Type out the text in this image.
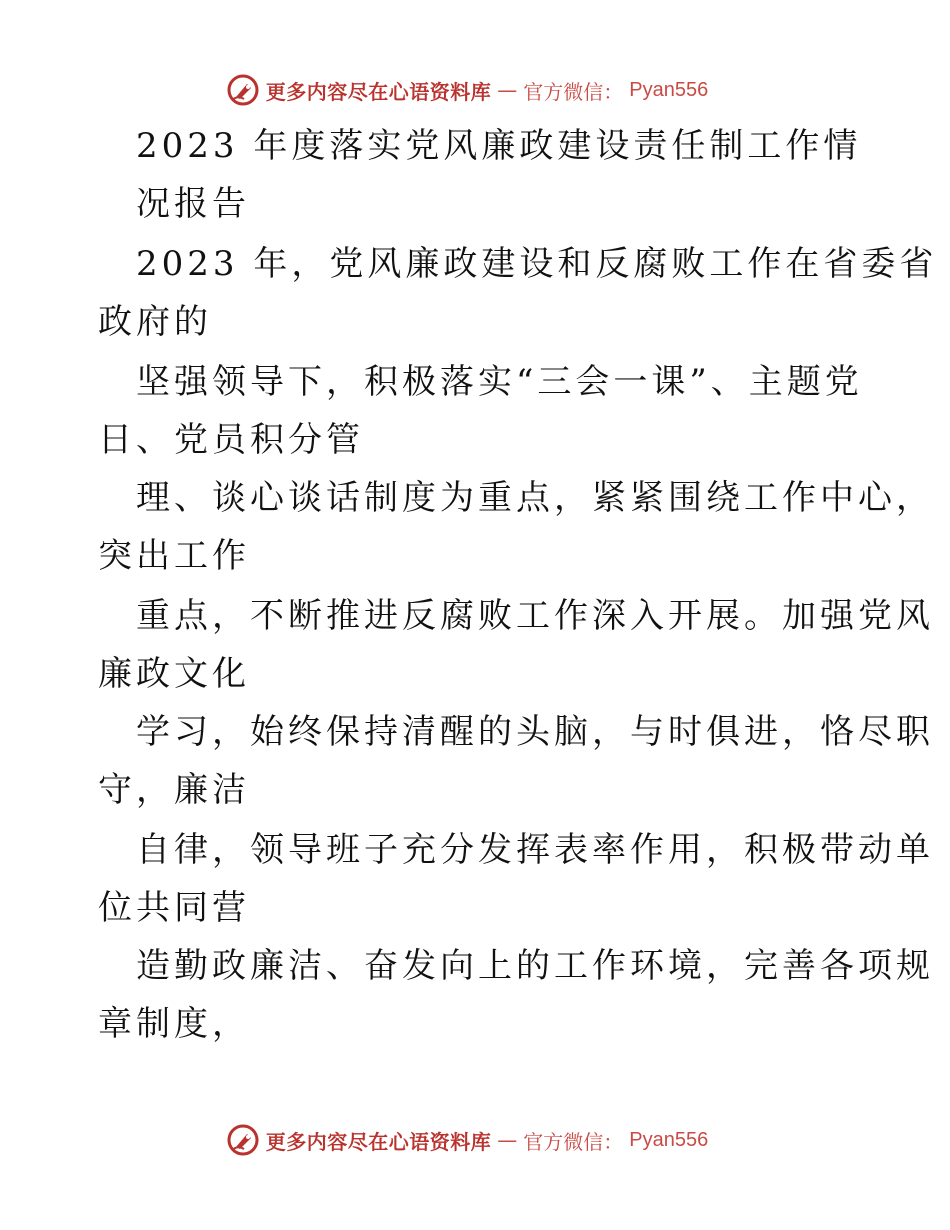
更多内容尽在心语资料库 — 官方微信： Pyan556
2023 年度落实党风廉政建设责任制工作情
况报告
2023 年，党风廉政建设和反腐败工作在省委省
政府的
坚强领导下，积极落实“三会一课”、主题党
日、党员积分管
理、谈心谈话制度为重点，紧紧围绕工作中心，
突出工作
重点，不断推进反腐败工作深入开展。加强党风
廉政文化
学习，始终保持清醒的头脑，与时俱进，恪尽职
守，廉洁
自律，领导班子充分发挥表率作用，积极带动单
位共同营
造勤政廉洁、奋发向上的工作环境，完善各项规
章制度，
更多内容尽在心语资料库 — 官方微信： Pyan556
